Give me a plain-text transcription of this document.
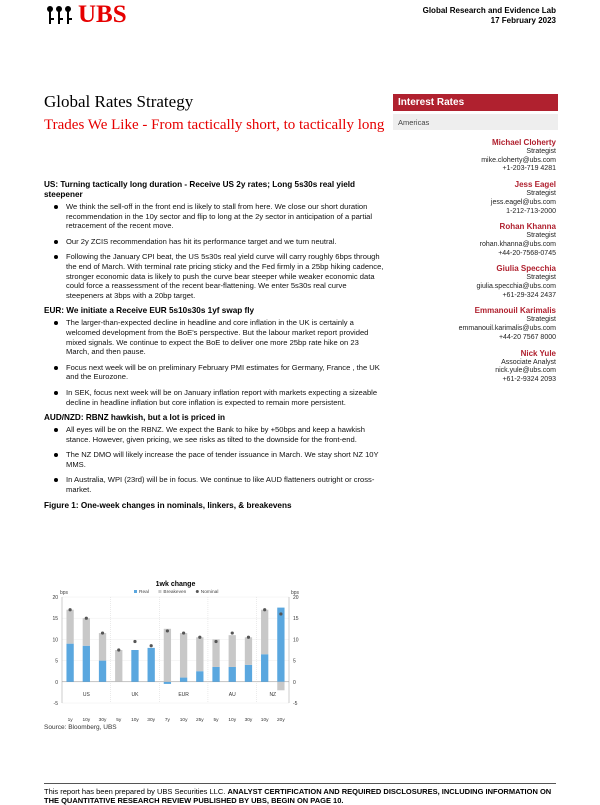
UBS	Global Research and Evidence Lab
17 February 2023
Global Rates Strategy
Trades We Like - From tactically short, to tactically long
Interest Rates
Americas
Michael Cloherty
Strategist
mike.cloherty@ubs.com
+1-203-719 4281
Jess Eagel
Strategist
jess.eagel@ubs.com
1-212-713-2000
Rohan Khanna
Strategist
rohan.khanna@ubs.com
+44-20-7568-0745
Giulia Specchia
Strategist
giulia.specchia@ubs.com
+61-29-324 2437
Emmanouil Karimalis
Strategist
emmanouil.karimalis@ubs.com
+44-20 7567 8000
Nick Yule
Associate Analyst
nick.yule@ubs.com
+61-2-9324 2093
US: Turning tactically long duration - Receive US 2y rates; Long 5s30s real yield steepener
We think the sell-off in the front end is likely to stall from here. We close our short duration recommendation in the 10y sector and flip to long at the 2y sector in anticipation of a partial retracement of the recent move.
Our 2y ZCIS recommendation has hit its performance target and we turn neutral.
Following the January CPI beat, the US 5s30s real yield curve will carry roughly 6bps through the end of March. With terminal rate pricing sticky and the Fed firmly in a 25bp hiking cadence, stronger economic data is likely to push the curve bear steeper while weaker economic data could force a reassessment of the recent bear-flattening. We enter 5s30s real curve steepeners at 3bps with a 20bp target.
EUR: We initiate a Receive EUR 5s10s30s 1yf swap fly
The larger-than-expected decline in headline and core inflation in the UK is certainly a welcomed development from the BoE's perspective. But the labour market report provided mixed signals. We continue to expect the BoE to deliver one more 25bp rate hike on 23 March, and then pause.
Focus next week will be on preliminary February PMI estimates for Germany, France , the UK and the Eurozone.
In SEK, focus next week will be on January inflation report with markets expecting a sizeable decline in headline inflation but core inflation is expected to remain more persistent.
AUD/NZD: RBNZ hawkish, but a lot is priced in
All eyes will be on the RBNZ. We expect the Bank to hike by +50bps and keep a hawkish stance. However, given pricing, we see risks as tilted to the downside for the front-end.
The NZ DMO will likely increase the pace of tender issuance in March. We stay short NZ 10Y MMS.
In Australia, WPI (23rd) will be in focus. We continue to like AUD flatteners outright or cross-market.
Figure 1: One-week changes in nominals, linkers, & breakevens
1wk change
Real	Breakeven	Nominal
bps	bps
-5	-5
0	0
5	5
10	10
15	15
20	20
1y 10y 30y 5y 10y 30y 7y 10y 25y 5y 10y 30y 10y 20y
US	UK	EUR	AU	NZ
Source: Bloomberg, UBS
This report has been prepared by UBS Securities LLC. ANALYST CERTIFICATION AND REQUIRED DISCLOSURES, INCLUDING INFORMATION ON THE QUANTITATIVE RESEARCH REVIEW PUBLISHED BY UBS, BEGIN ON PAGE 10.
